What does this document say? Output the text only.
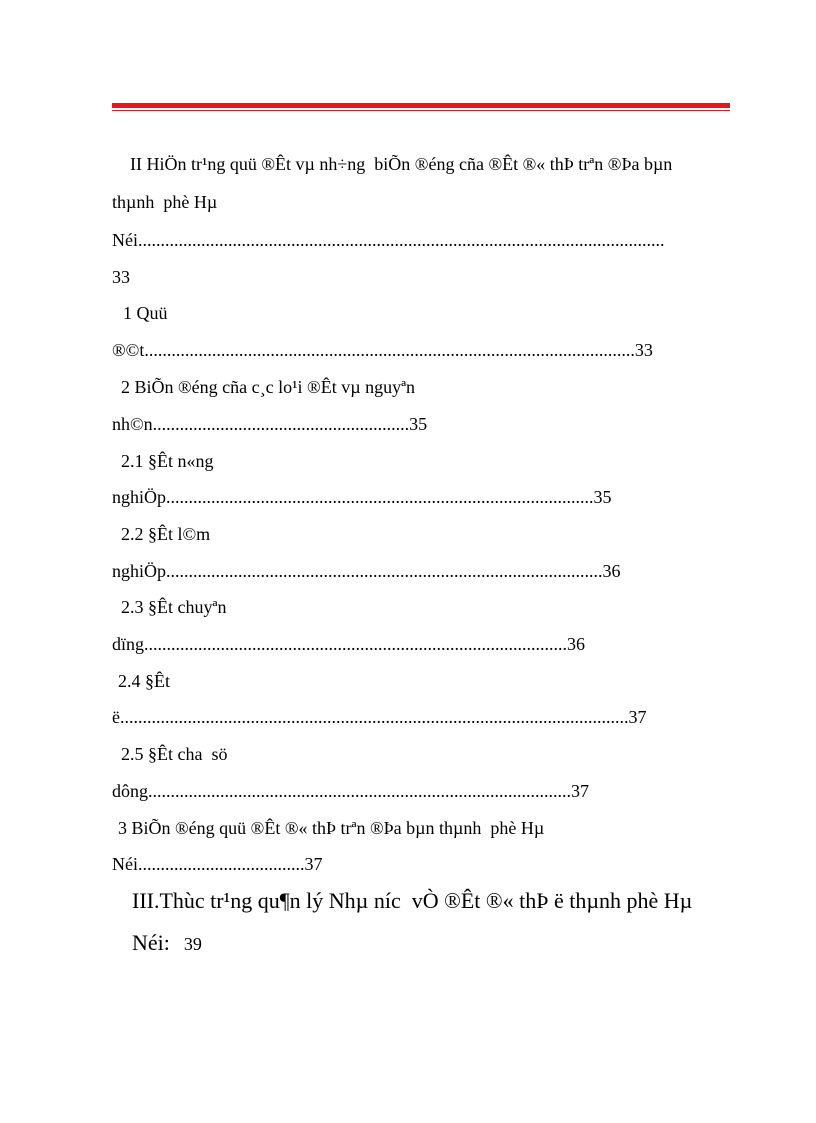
II HiÖn tr¹ng quü ®Êt vµ nh÷ng  biÕn ®éng cña ®Êt ®« thÞ trªn ®Þa bµn
thµnh  phè Hµ
Néi.....................................................................................................................
33
1 Quü
®©t.............................................................................................................33
2 BiÕn ®éng cña c¸c lo¹i ®Êt vµ nguyªn
nh©n.........................................................35
2.1 §Êt n«ng
nghiÖp...............................................................................................35
2.2 §Êt l©m
nghiÖp.................................................................................................36
2.3 §Êt chuyªn
dïng..............................................................................................36
2.4 §Êt
ë.................................................................................................................37
2.5 §Êt cha  sö
dông..............................................................................................37
3 BiÕn ®éng quü ®Êt ®« thÞ trªn ®Þa bµn thµnh  phè Hµ
Néi.....................................37
III.Thùc tr¹ng qu¶n lý Nhµ níc  vÒ ®Êt ®« thÞ ë thµnh phè Hµ
Néi: 39
